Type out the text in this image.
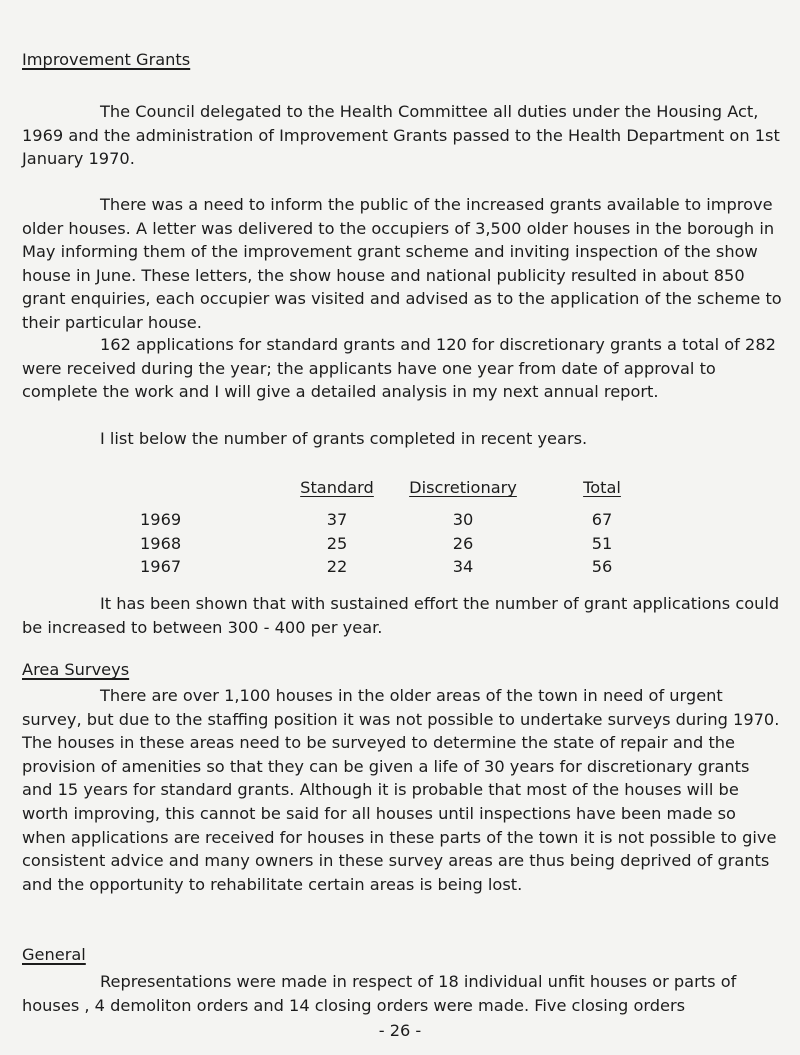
Improvement Grants

The Council delegated to the Health Committee all duties under the Housing Act, 1969 and the administration of Improvement Grants passed to the Health Department on 1st January 1970.

There was a need to inform the public of the increased grants available to improve older houses. A letter was delivered to the occupiers of 3,500 older houses in the borough in May informing them of the improvement grant scheme and inviting inspection of the show house in June. These letters, the show house and national publicity resulted in about 850 grant enquiries, each occupier was visited and advised as to the application of the scheme to their particular house.

162 applications for standard grants and 120 for discretionary grants a total of 282 were received during the year; the applicants have one year from date of approval to complete the work and I will give a detailed analysis in my next annual report.

I list below the number of grants completed in recent years.

	Standard	Discretionary	Total
1969	37	30	67
1968	25	26	51
1967	22	34	56

It has been shown that with sustained effort the number of grant applications could be increased to between 300 - 400 per year.

Area Surveys

There are over 1,100 houses in the older areas of the town in need of urgent survey, but due to the staffing position it was not possible to undertake surveys during 1970. The houses in these areas need to be surveyed to determine the state of repair and the provision of amenities so that they can be given a life of 30 years for discretionary grants and 15 years for standard grants. Although it is probable that most of the houses will be worth improving, this cannot be said for all houses until inspections have been made so when applications are received for houses in these parts of the town it is not possible to give consistent advice and many owners in these survey areas are thus being deprived of grants and the opportunity to rehabilitate certain areas is being lost.

General

Representations were made in respect of 18 individual unfit houses or parts of houses , 4 demoliton orders and 14 closing orders were made. Five closing orders

- 26 -
